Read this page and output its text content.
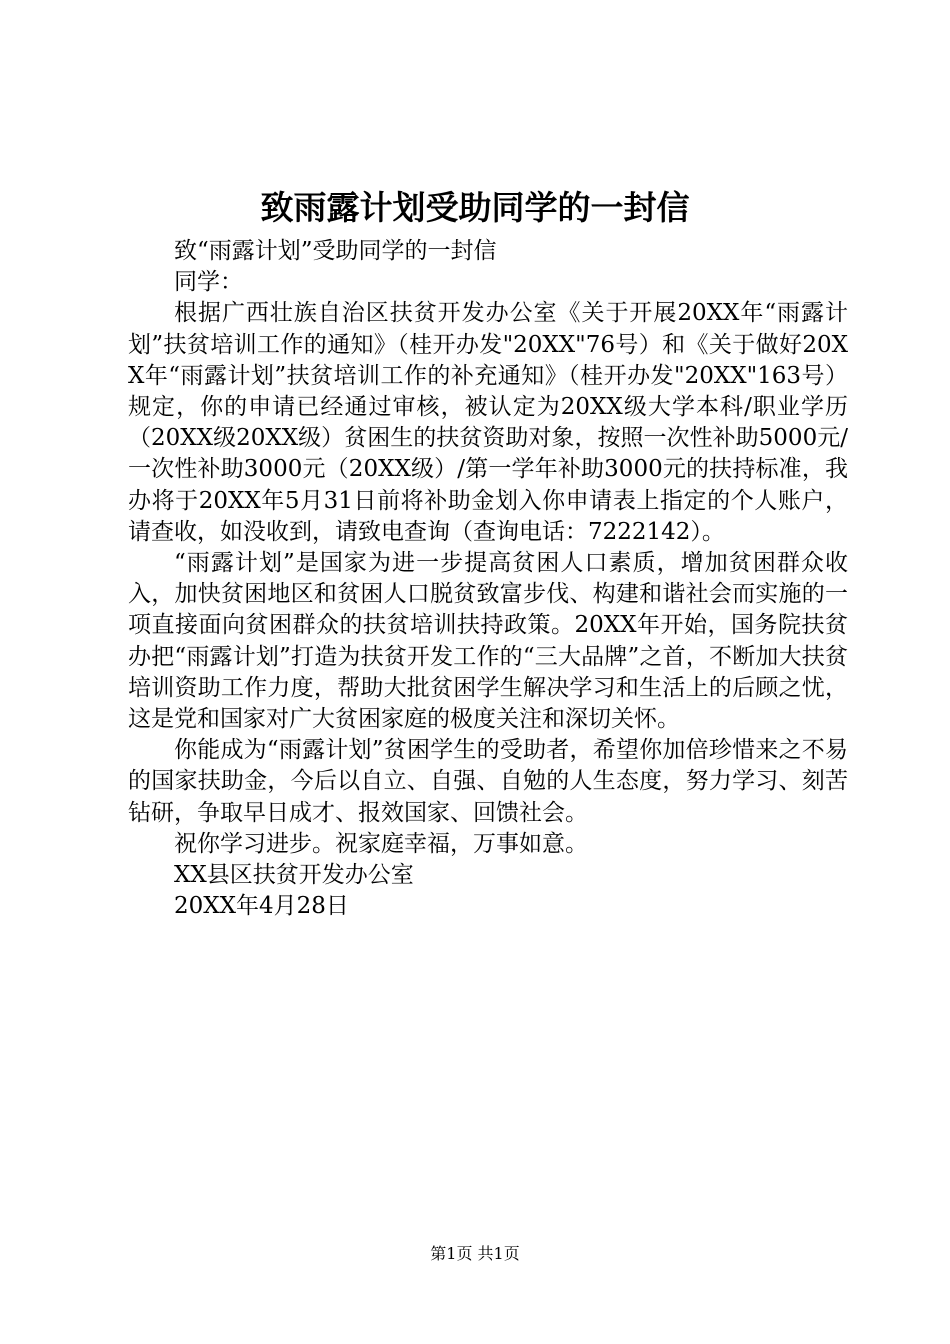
致雨露计划受助同学的一封信

致“雨露计划”受助同学的一封信

同学：

根据广西壮族自治区扶贫开发办公室《关于开展20XX年“雨露计划”扶贫培训工作的通知》（桂开办发"20XX"76号）和《关于做好20XX年“雨露计划”扶贫培训工作的补充通知》（桂开办发"20XX"163号）规定，你的申请已经通过审核，被认定为20XX级大学本科/职业学历（20XX级20XX级）贫困生的扶贫资助对象，按照一次性补助5000元/一次性补助3000元（20XX级）/第一学年补助3000元的扶持标准，我办将于20XX年5月31日前将补助金划入你申请表上指定的个人账户，请查收，如没收到，请致电查询（查询电话：7222142）。

“雨露计划”是国家为进一步提高贫困人口素质，增加贫困群众收入，加快贫困地区和贫困人口脱贫致富步伐、构建和谐社会而实施的一项直接面向贫困群众的扶贫培训扶持政策。20XX年开始，国务院扶贫办把“雨露计划”打造为扶贫开发工作的“三大品牌”之首，不断加大扶贫培训资助工作力度，帮助大批贫困学生解决学习和生活上的后顾之忧，这是党和国家对广大贫困家庭的极度关注和深切关怀。

你能成为“雨露计划”贫困学生的受助者，希望你加倍珍惜来之不易的国家扶助金，今后以自立、自强、自勉的人生态度，努力学习、刻苦钻研，争取早日成才、报效国家、回馈社会。

祝你学习进步。祝家庭幸福，万事如意。

XX县区扶贫开发办公室

20XX年4月28日

第1页 共1页
